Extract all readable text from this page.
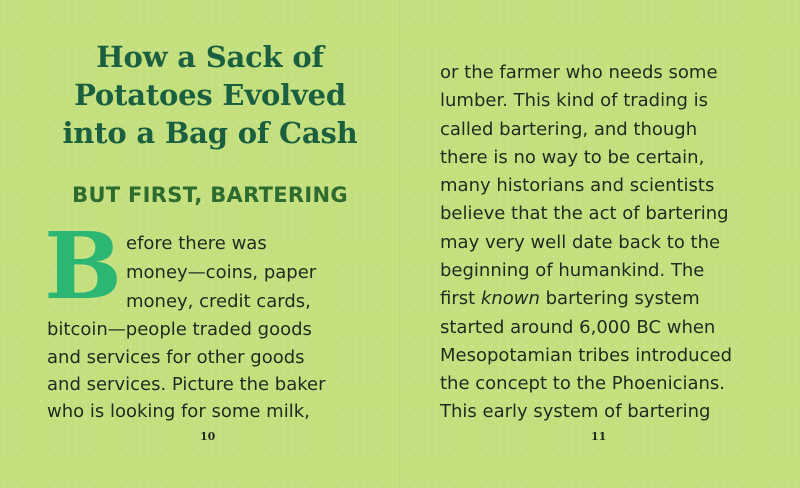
How a Sack of Potatoes Evolved into a Bag of Cash
BUT FIRST, BARTERING
B efore there was
money—coins, paper
money, credit cards,
bitcoin—people traded goods
and services for other goods
and services. Picture the baker
who is looking for some milk,
10
or the farmer who needs some
lumber. This kind of trading is
called bartering, and though
there is no way to be certain,
many historians and scientists
believe that the act of bartering
may very well date back to the
beginning of humankind. The
first known bartering system
started around 6,000 BC when
Mesopotamian tribes introduced
the concept to the Phoenicians.
This early system of bartering
11
